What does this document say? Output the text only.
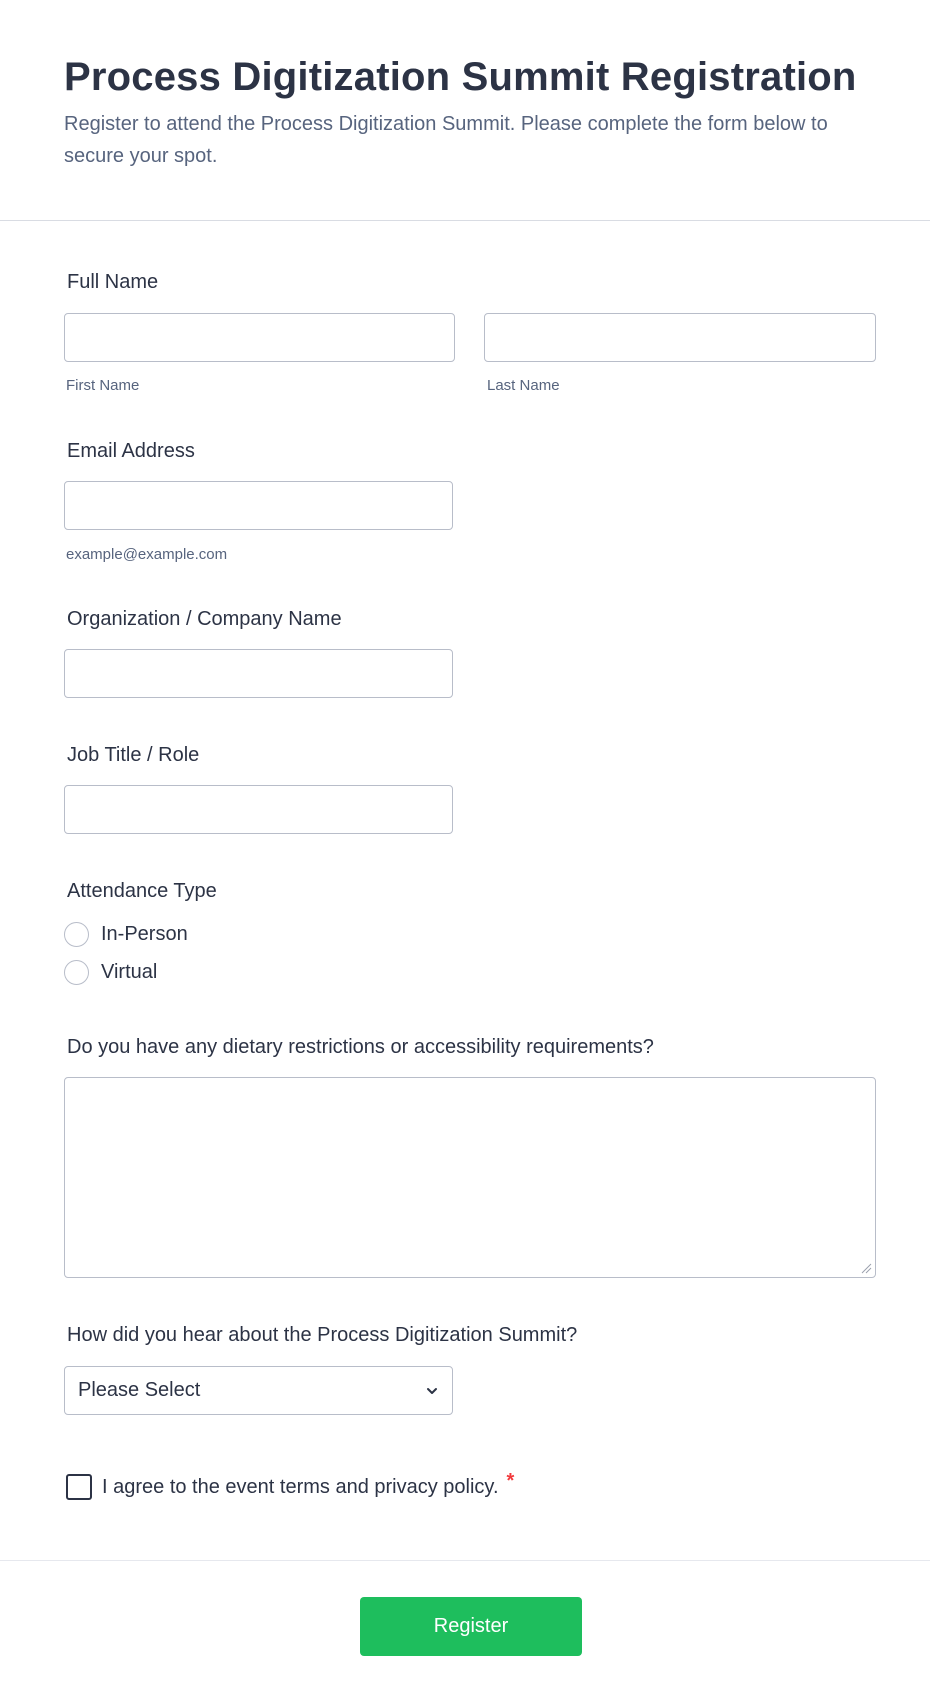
Process Digitization Summit Registration

Register to attend the Process Digitization Summit. Please complete the form below to secure your spot.

Full Name
First Name	Last Name
Email Address
example@example.com
Organization / Company Name
Job Title / Role
Attendance Type
In-Person
Virtual
Do you have any dietary restrictions or accessibility requirements?
How did you hear about the Process Digitization Summit?
Please Select
I agree to the event terms and privacy policy. *
Register
